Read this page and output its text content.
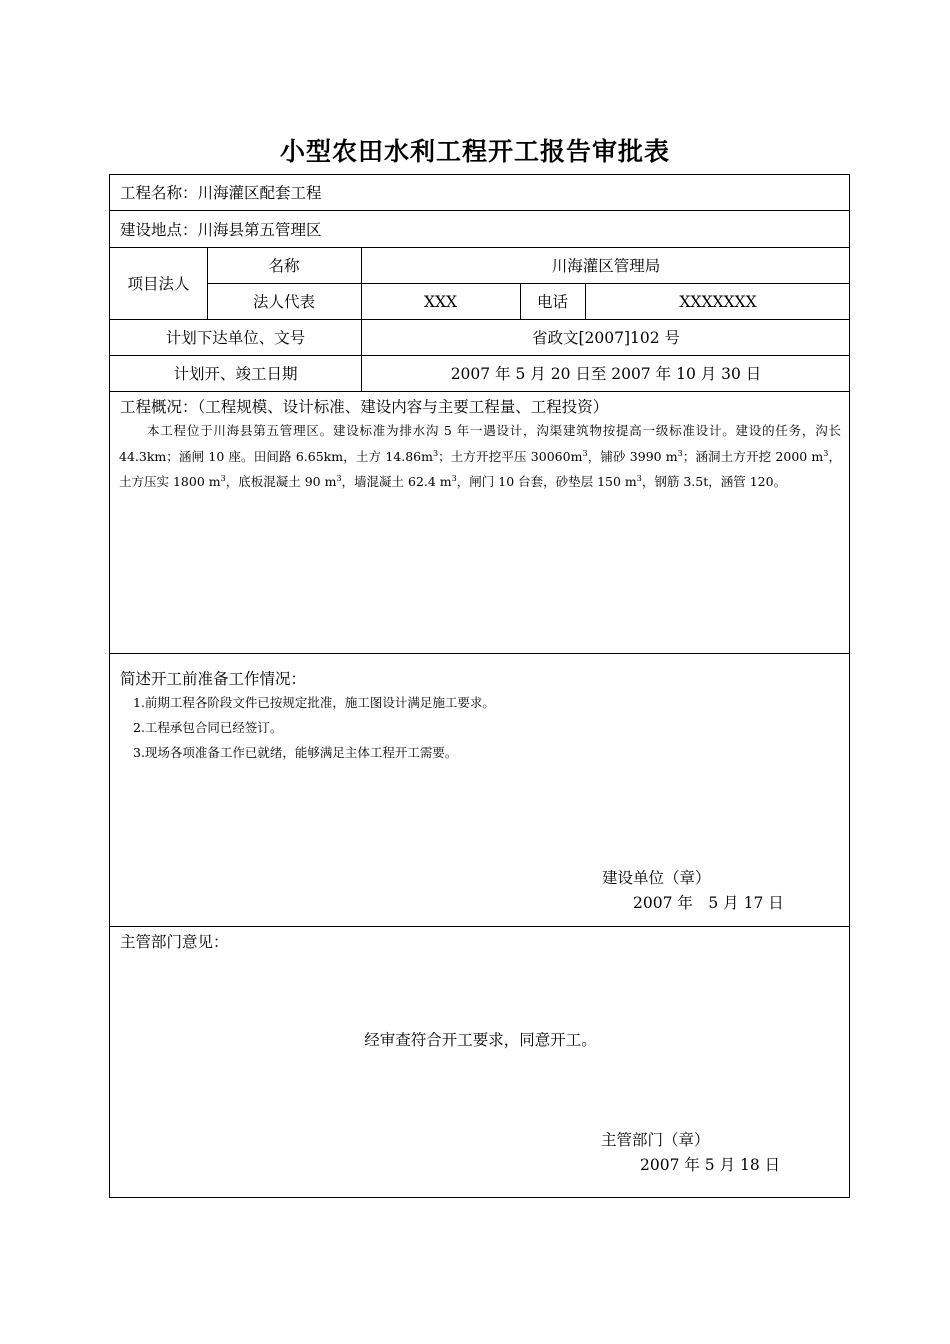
小型农田水利工程开工报告审批表
工程名称：川海灌区配套工程
建设地点：川海县第五管理区
项目法人
名称	川海灌区管理局
法人代表	XXX	电话	XXXXXXX
计划下达单位、文号	省政文[2007]102 号
计划开、竣工日期	2007 年 5 月 20 日至 2007 年 10 月 30 日
工程概况：（工程规模、设计标准、建设内容与主要工程量、工程投资）
本工程位于川海县第五管理区。建设标准为排水沟 5 年一遇设计，沟渠建筑物按提高一级标准设计。建设的任务，沟长 44.3km；涵闸 10 座。田间路 6.65km，土方 $14.86m^3$；土方开挖平压 $30060m^3$，铺砂 3990 $m^3$；涵洞土方开挖 2000 $m^3$，土方压实 1800 $m^3$，底板混凝土 90 $m^3$，墙混凝土 62.4 $m^3$，闸门 10 台套，砂垫层 150 $m^3$，钢筋 3.5t，涵管 120。
简述开工前准备工作情况：
1.前期工程各阶段文件已按规定批准，施工图设计满足施工要求。
2.工程承包合同已经签订。
3.现场各项准备工作已就绪，能够满足主体工程开工需要。
建设单位（章）
2007 年　5 月 17 日
主管部门意见：
经审查符合开工要求，同意开工。
主管部门（章）
2007 年 5 月 18 日
